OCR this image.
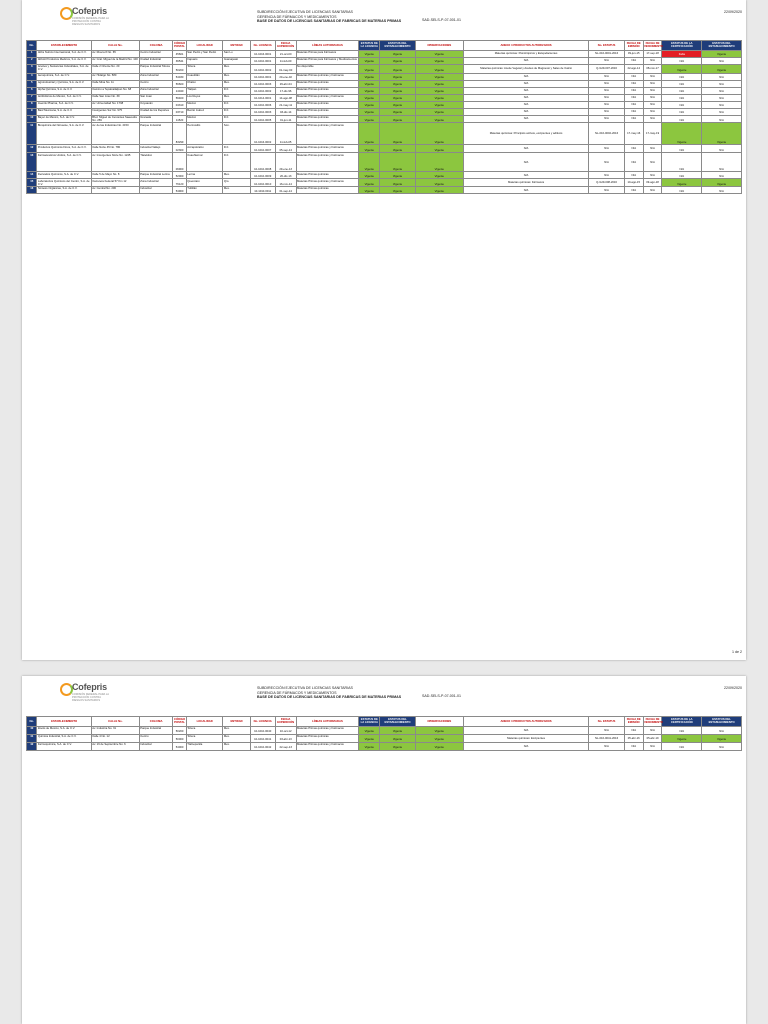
Cofepris
COMISIÓN FEDERAL PARA LA PROTECCIÓN CONTRA RIESGOS SANITARIOS
SUBDIRECCIÓN EJECUTIVA DE LICENCIAS SANITARIAS
GERENCIA DE FÁRMACOS Y MEDICAMENTOS
BASE DE DATOS DE LICENCIAS SANITARIAS DE FABRICAS DE MATERIAS PRIMAS	SAD-SELS-P-07-001-01
22/09/2020
No.	ESTABLECIMIENTO	CALLE No.	COLONIA	CÓDIGO POSTAL	LOCALIDAD	ENTIDAD	No. LICENCIA	FECHA EXPEDICIÓN	LÍNEAS AUTORIZADAS	ESTATUS DE LA LICENCIA	ESTATUS DEL ESTABLECIMIENTO	OBSERVACIONES	ANEXO 4 PRODUCTOS AUTORIZADOS	No. ESTATUS	FECHA DE EMISIÓN	FECHA DE VENCIMIENTO	ESTATUS DE LA CERTIFICACIÓN	ESTATUS DEL ESTABLECIMIENTO
1	Abbs Nutrcio Internacional, S.A. de C.V.	Av. Rivera # No. 65	Centro Industrial	45601	San Pedro y San Pedro	San Lu	10-1016-0001	21-oct-00	Materias Primas para Fármacos	Vigente	Vigente	Vigente	Materias químicas: Psicotrópicos y Estupefacientes	NL-016-0001-2016	09-jun-15	17-sep-18	Falta	Vigente
2	Abbott Productos Medicos, S.A. de C.V.	Av. Gral. Miguel de la Madrid No. 100	Ciudad Industrial	36541	Irapuato	Guanajuato	10-1010-0001	11-feb-00	Materias Primas para Fármacos y Medicamentos	Vigente	Vigente	Vigente	N/A	N/A	N/A	N/A	N/A	N/A
3	Aceites y Sustancias Industriales, S.A. de C.V.	Calle 2 Oriente No. 20	Parque Industrial Toluca	50200	Toluca	Mex.	10-1010-0002	01-may-00	No disponible	Vigente	Vigente	Vigente	Materias químicas: Aceite Vegetal y Aceites de Magnesio y Sales de Calcio	Q-G29-007-2016	22-ago-14	08-nov-17	Vigente	Vigente
4	Aeroquímica, S.A. de C.V.	Av. Hidalgo No. 580	Zona Industrial	54030	Cuautitlán	Mex.	10-1010-0001	20-ene-02	Materias Primas químicas y Fármacos	Vigente	Vigente	Vigente	N/A	N/A	N/A	N/A	N/A	N/A
5	Agroindustrial y Química, S.A. de C.V.	Calle Mina No. 11	Centro	56600	Chalco	Mex.	10-1010-0003	29-abr-04	Materias Primas químicas	Vigente	Vigente	Vigente	N/A	N/A	N/A	N/A	N/A	N/A
6	Alpha Química, S.A. de C.V.	Camino a Tepalcatlalpan No. 68	Zona Industrial	14040	Tlalpan	D.F.	10-1010-0002	17-dic-96	Materias Primas químicas	Vigente	Vigente	Vigente	N/A	N/A	N/A	N/A	N/A	N/A
7	Antibióticos de México, S.A. de C.V.	Calle San José No. 39	San Juan	56400	Los Reyes	Mex.	10-1014-0001	14-ago-08	Materias Primas químicas y Fármacos	Vigente	Vigente	Vigente	N/A	N/A	N/A	N/A	N/A	N/A
8	Aventis Pharma, S.A. de C.V.	Av. Universidad No. 1738	Coyoacán	04310	México	D.F.	10-1010-0006	21-may-11	Materias Primas químicas	Vigente	Vigente	Vigente	N/A	N/A	N/A	N/A	N/A	N/A
9	Basf Mexicana, S.A. de C.V.	Insurgentes Sur No. 975	Ciudad de los Deportes	03710	Benito Juárez	D.F.	10-1010-0003	03-dic-14	Materias Primas químicas	Vigente	Vigente	Vigente	N/A	N/A	N/A	N/A	N/A	N/A
10	Bayer de México, S.A. de C.V.	Blvd. Miguel de Cervantes Saavedra No. 259	Granada	11520	México	D.F.	10-1010-0005	01-jun-11	Materias Primas químicas	Vigente	Vigente	Vigente	N/A	N/A	N/A	N/A	N/A	N/A
11	Bioquímica del Noroeste, S.A. de C.V.	Av. de las Industrias No. 2150	Parque Industrial	83299	Hermosillo	Son.	10-1016-0002	11-feb-05	Materias Primas químicas y Fármacos	Vigente	Vigente	Vigente	Materias químicas: Principios activos, excipientes y aditivos	NL-016-0002-2016	17-may-16	17-may-19	Vigente	Vigente
12	Productos Químicos Finos, S.A. de C.V.	Calle Norte 45 No. 780	Industrial Vallejo	02300	Azcapotzalco	D.F.	10-1010-0007	05-sep-14	Materias Primas químicas y Fármacos	Vigente	Vigente	Vigente	N/A	N/A	N/A	N/A	N/A	N/A
13	Farmacéuticos Unidos, S.A. de C.V.	Av. Insurgentes Norte No. 1245	Tlatelolco	06900	Cuauhtémoc	D.F.	10-1010-0008	29-ene-13	Materias Primas químicas y Fármacos	Vigente	Vigente	Vigente	N/A	N/A	N/A	N/A	N/A	N/A
14	Derivados Químicos, S.A. de C.V.	Calle 5 de Mayo No. 8	Parque Industrial Lerma	52000	Lerma	Mex.	10-1010-0009	20-dic-13	Materias Primas químicas	Vigente	Vigente	Vigente	N/A	N/A	N/A	N/A	N/A	N/A
15	Laboratorios Químicos del Centro, S.A. de C.V.	Carretera Federal 57 Km 12	Zona Industrial	76120	Querétaro	Qro.	10-1010-0010	16-nov-14	Materias Primas químicas y Fármacos	Vigente	Vigente	Vigente	Materias químicas: Fármacos	Q-G29-008-2016	10-ago-15	09-ago-18	Vigente	Vigente
16	Síntesis Orgánicas, S.A. de C.V.	Av. Central No. 206	Industrial	54900	Tultitlán	Mex.	10-1010-0011	01-sep-14	Materias Primas químicas	Vigente	Vigente	Vigente	N/A	N/A	N/A	N/A	N/A	N/A
1 de 2
Cofepris
COMISIÓN FEDERAL PARA LA PROTECCIÓN CONTRA RIESGOS SANITARIOS
SUBDIRECCIÓN EJECUTIVA DE LICENCIAS SANITARIAS
GERENCIA DE FÁRMACOS Y MEDICAMENTOS
BASE DE DATOS DE LICENCIAS SANITARIAS DE FABRICAS DE MATERIAS PRIMAS	SAD-SELS-P-07-001-01
22/09/2020
No.	ESTABLECIMIENTO	CALLE No.	COLONIA	CÓDIGO POSTAL	LOCALIDAD	ENTIDAD	No. LICENCIA	FECHA EXPEDICIÓN	LÍNEAS AUTORIZADAS	ESTATUS DE LA LICENCIA	ESTATUS DEL ESTABLECIMIENTO	OBSERVACIONES	ANEXO 4 PRODUCTOS AUTORIZADOS	No. ESTATUS	FECHA DE EMISIÓN	FECHA DE VENCIMIENTO	ESTATUS DE LA CERTIFICACIÓN	ESTATUS DEL ESTABLECIMIENTO
40	Zoetis de México, S.A. de C.V.	Av. Industria No. 31	Parque Industrial	50200	Toluca	Mex.	10-1010-0040	10-oct-12	Materias Primas químicas y Fármacos	Vigente	Vigente	Vigente	N/A	N/A	N/A	N/A	N/A	N/A
41	Química Industrial, S.A. de C.V.	Calle 4 No. 12	Centro	50000	Toluca	Mex.	10-1010-0041	03-abr-13	Materias Primas químicas	Vigente	Vigente	Vigente	Materias químicas: Excipientes	NL-016-0041-2016	05-abr-16	05-abr-19	Vigente	Vigente
42	Farmoquímica, S.A. de C.V.	Av. 16 de Septiembre No. 6	Industrial	54000	Tlalnepantla	Mex.	10-1010-0042	22-sep-13	Materias Primas químicas y Fármacos	Vigente	Vigente	Vigente	N/A	N/A	N/A	N/A	N/A	N/A
